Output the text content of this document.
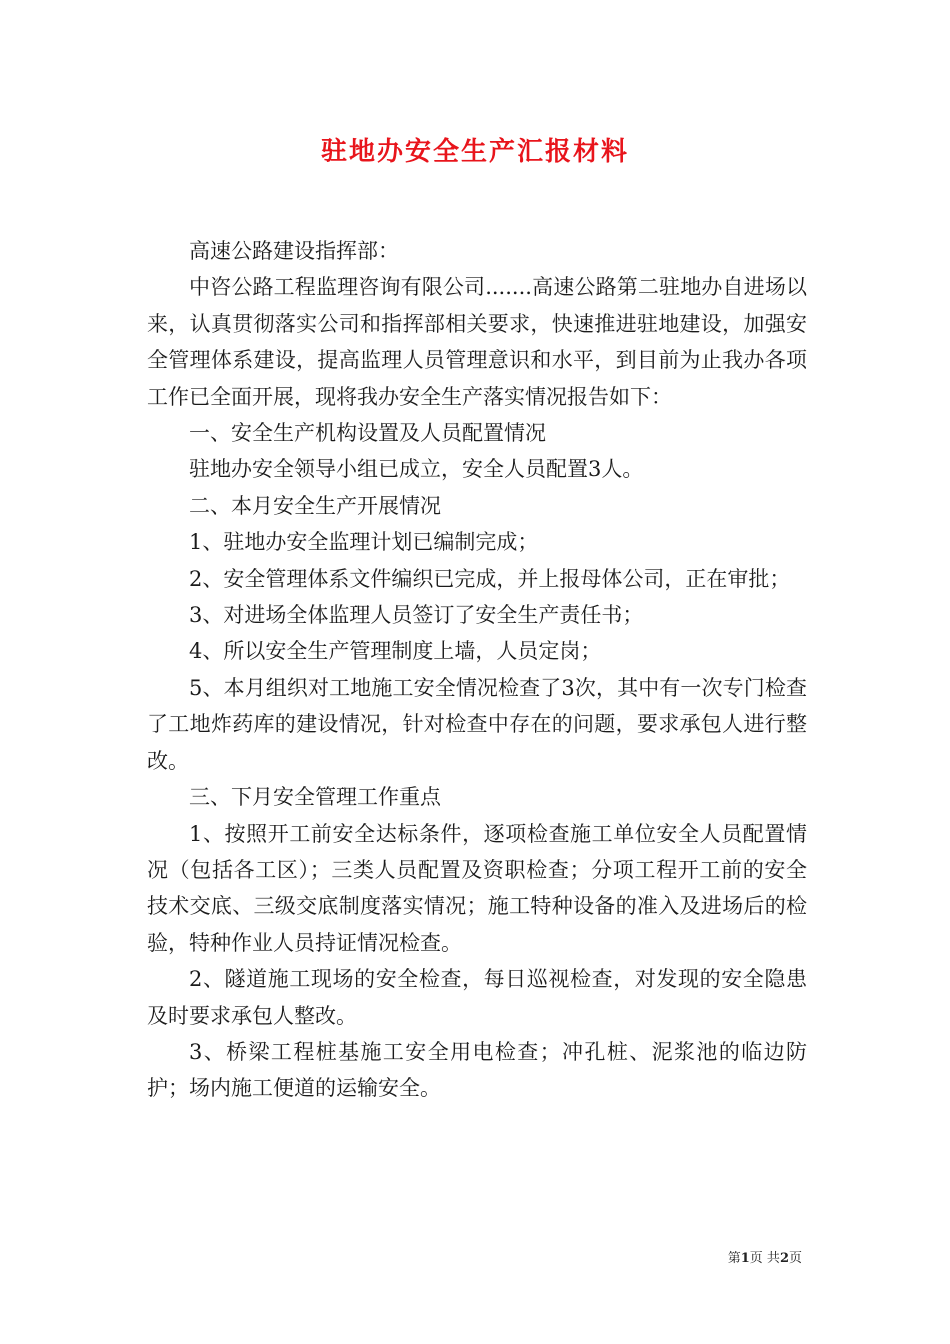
驻地办安全生产汇报材料

高速公路建设指挥部：

中咨公路工程监理咨询有限公司.......高速公路第二驻地办自进场以来，认真贯彻落实公司和指挥部相关要求，快速推进驻地建设，加强安全管理体系建设，提高监理人员管理意识和水平，到目前为止我办各项工作已全面开展，现将我办安全生产落实情况报告如下：

一、安全生产机构设置及人员配置情况

驻地办安全领导小组已成立，安全人员配置3人。

二、本月安全生产开展情况

1、驻地办安全监理计划已编制完成；

2、安全管理体系文件编织已完成，并上报母体公司，正在审批；

3、对进场全体监理人员签订了安全生产责任书；

4、所以安全生产管理制度上墙，人员定岗；

5、本月组织对工地施工安全情况检查了3次，其中有一次专门检查了工地炸药库的建设情况，针对检查中存在的问题，要求承包人进行整改。

三、下月安全管理工作重点

1、按照开工前安全达标条件，逐项检查施工单位安全人员配置情况（包括各工区）；三类人员配置及资职检查；分项工程开工前的安全技术交底、三级交底制度落实情况；施工特种设备的准入及进场后的检验，特种作业人员持证情况检查。

2、隧道施工现场的安全检查，每日巡视检查，对发现的安全隐患及时要求承包人整改。

3、桥梁工程桩基施工安全用电检查；冲孔桩、泥浆池的临边防护；场内施工便道的运输安全。

第1页 共2页
